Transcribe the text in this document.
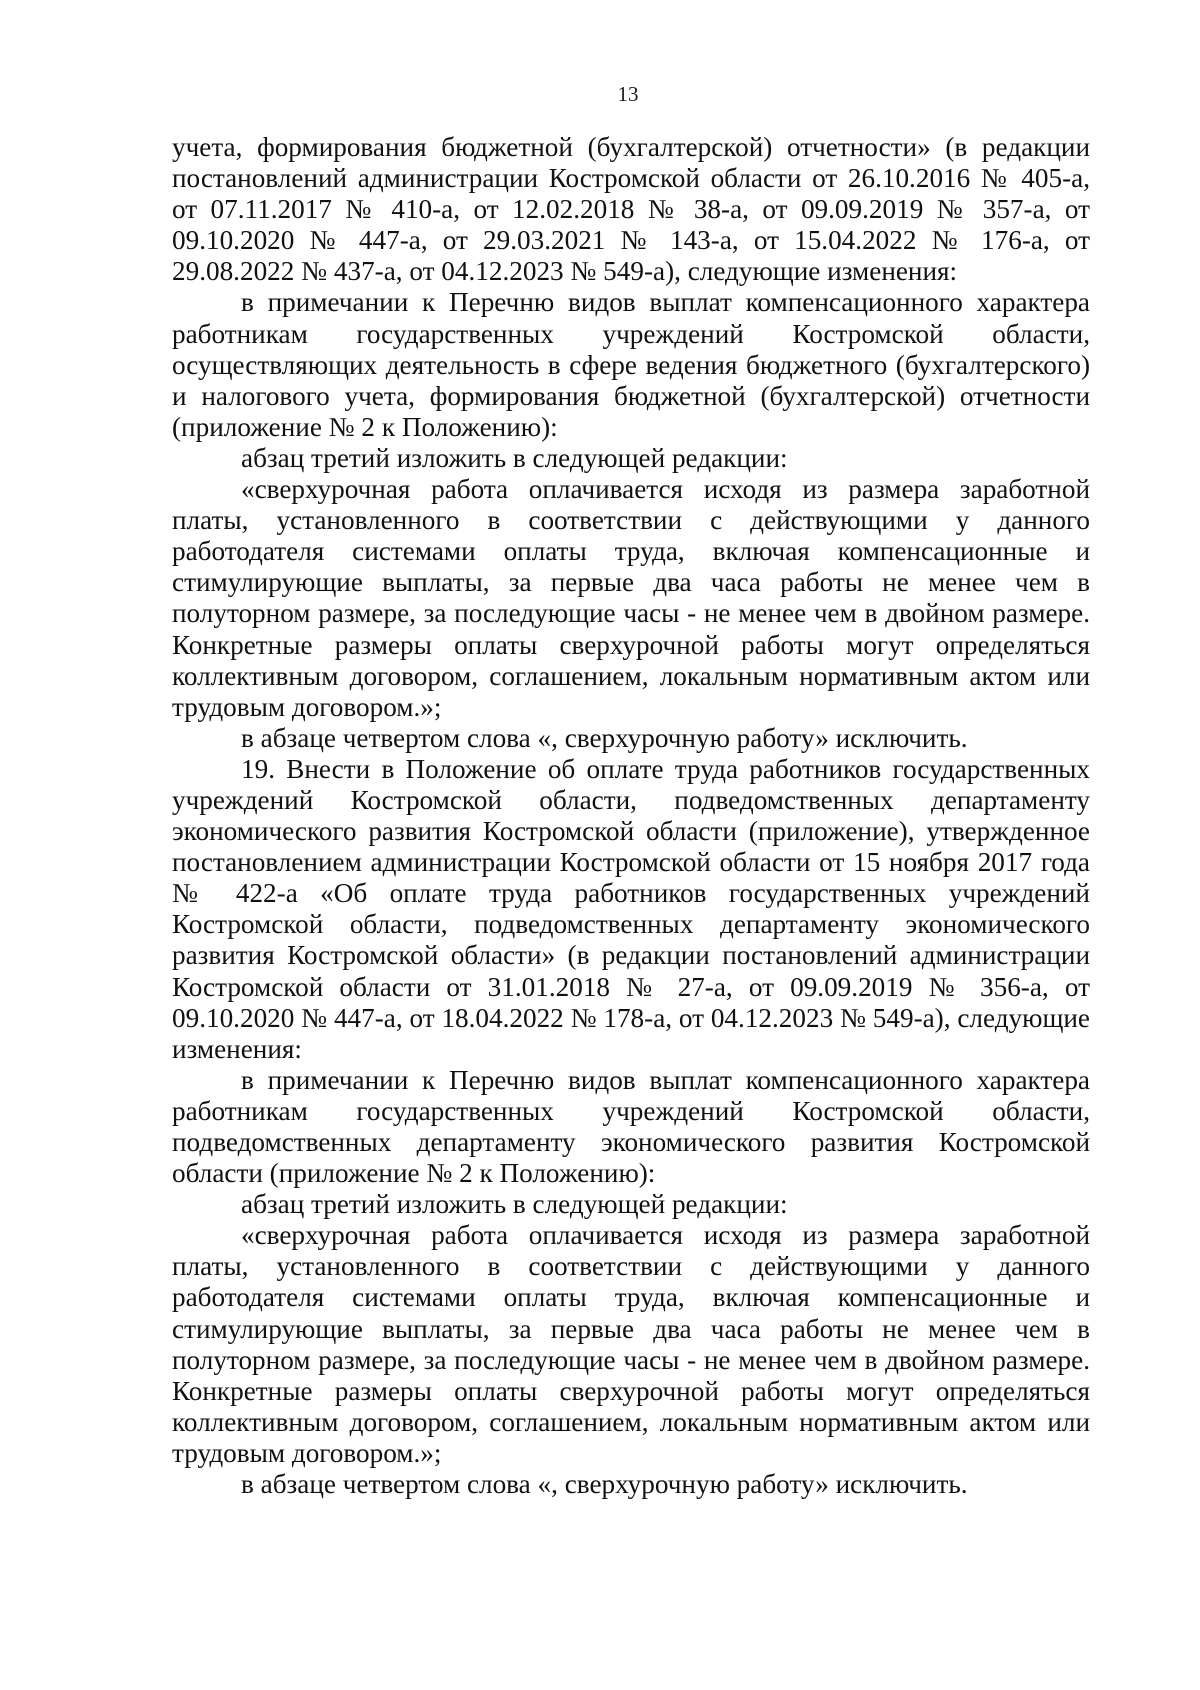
13

учета, формирования бюджетной (бухгалтерской) отчетности» (в редакции постановлений администрации Костромской области от 26.10.2016 № 405-а, от 07.11.2017 № 410-а, от 12.02.2018 № 38-а, от 09.09.2019 № 357-а, от 09.10.2020 № 447-а, от 29.03.2021 № 143-а, от 15.04.2022 № 176-а, от 29.08.2022 № 437-а, от 04.12.2023 № 549-а), следующие изменения:

в примечании к Перечню видов выплат компенсационного характера работникам государственных учреждений Костромской области, осуществляющих деятельность в сфере ведения бюджетного (бухгалтерского) и налогового учета, формирования бюджетной (бухгалтерской) отчетности (приложение № 2 к Положению):

абзац третий изложить в следующей редакции:

«сверхурочная работа оплачивается исходя из размера заработной платы, установленного в соответствии с действующими у данного работодателя системами оплаты труда, включая компенсационные и стимулирующие выплаты, за первые два часа работы не менее чем в полуторном размере, за последующие часы - не менее чем в двойном размере. Конкретные размеры оплаты сверхурочной работы могут определяться коллективным договором, соглашением, локальным нормативным актом или трудовым договором.»;

в абзаце четвертом слова «, сверхурочную работу» исключить.

19. Внести в Положение об оплате труда работников государственных учреждений Костромской области, подведомственных департаменту экономического развития Костромской области (приложение), утвержденное постановлением администрации Костромской области от 15 ноября 2017 года № 422-а «Об оплате труда работников государственных учреждений Костромской области, подведомственных департаменту экономического развития Костромской области» (в редакции постановлений администрации Костромской области от 31.01.2018 № 27-а, от 09.09.2019 № 356-а, от 09.10.2020 № 447-а, от 18.04.2022 № 178-а, от 04.12.2023 № 549-а), следующие изменения:

в примечании к Перечню видов выплат компенсационного характера работникам государственных учреждений Костромской области, подведомственных департаменту экономического развития Костромской области (приложение № 2 к Положению):

абзац третий изложить в следующей редакции:

«сверхурочная работа оплачивается исходя из размера заработной платы, установленного в соответствии с действующими у данного работодателя системами оплаты труда, включая компенсационные и стимулирующие выплаты, за первые два часа работы не менее чем в полуторном размере, за последующие часы - не менее чем в двойном размере. Конкретные размеры оплаты сверхурочной работы могут определяться коллективным договором, соглашением, локальным нормативным актом или трудовым договором.»;

в абзаце четвертом слова «, сверхурочную работу» исключить.
